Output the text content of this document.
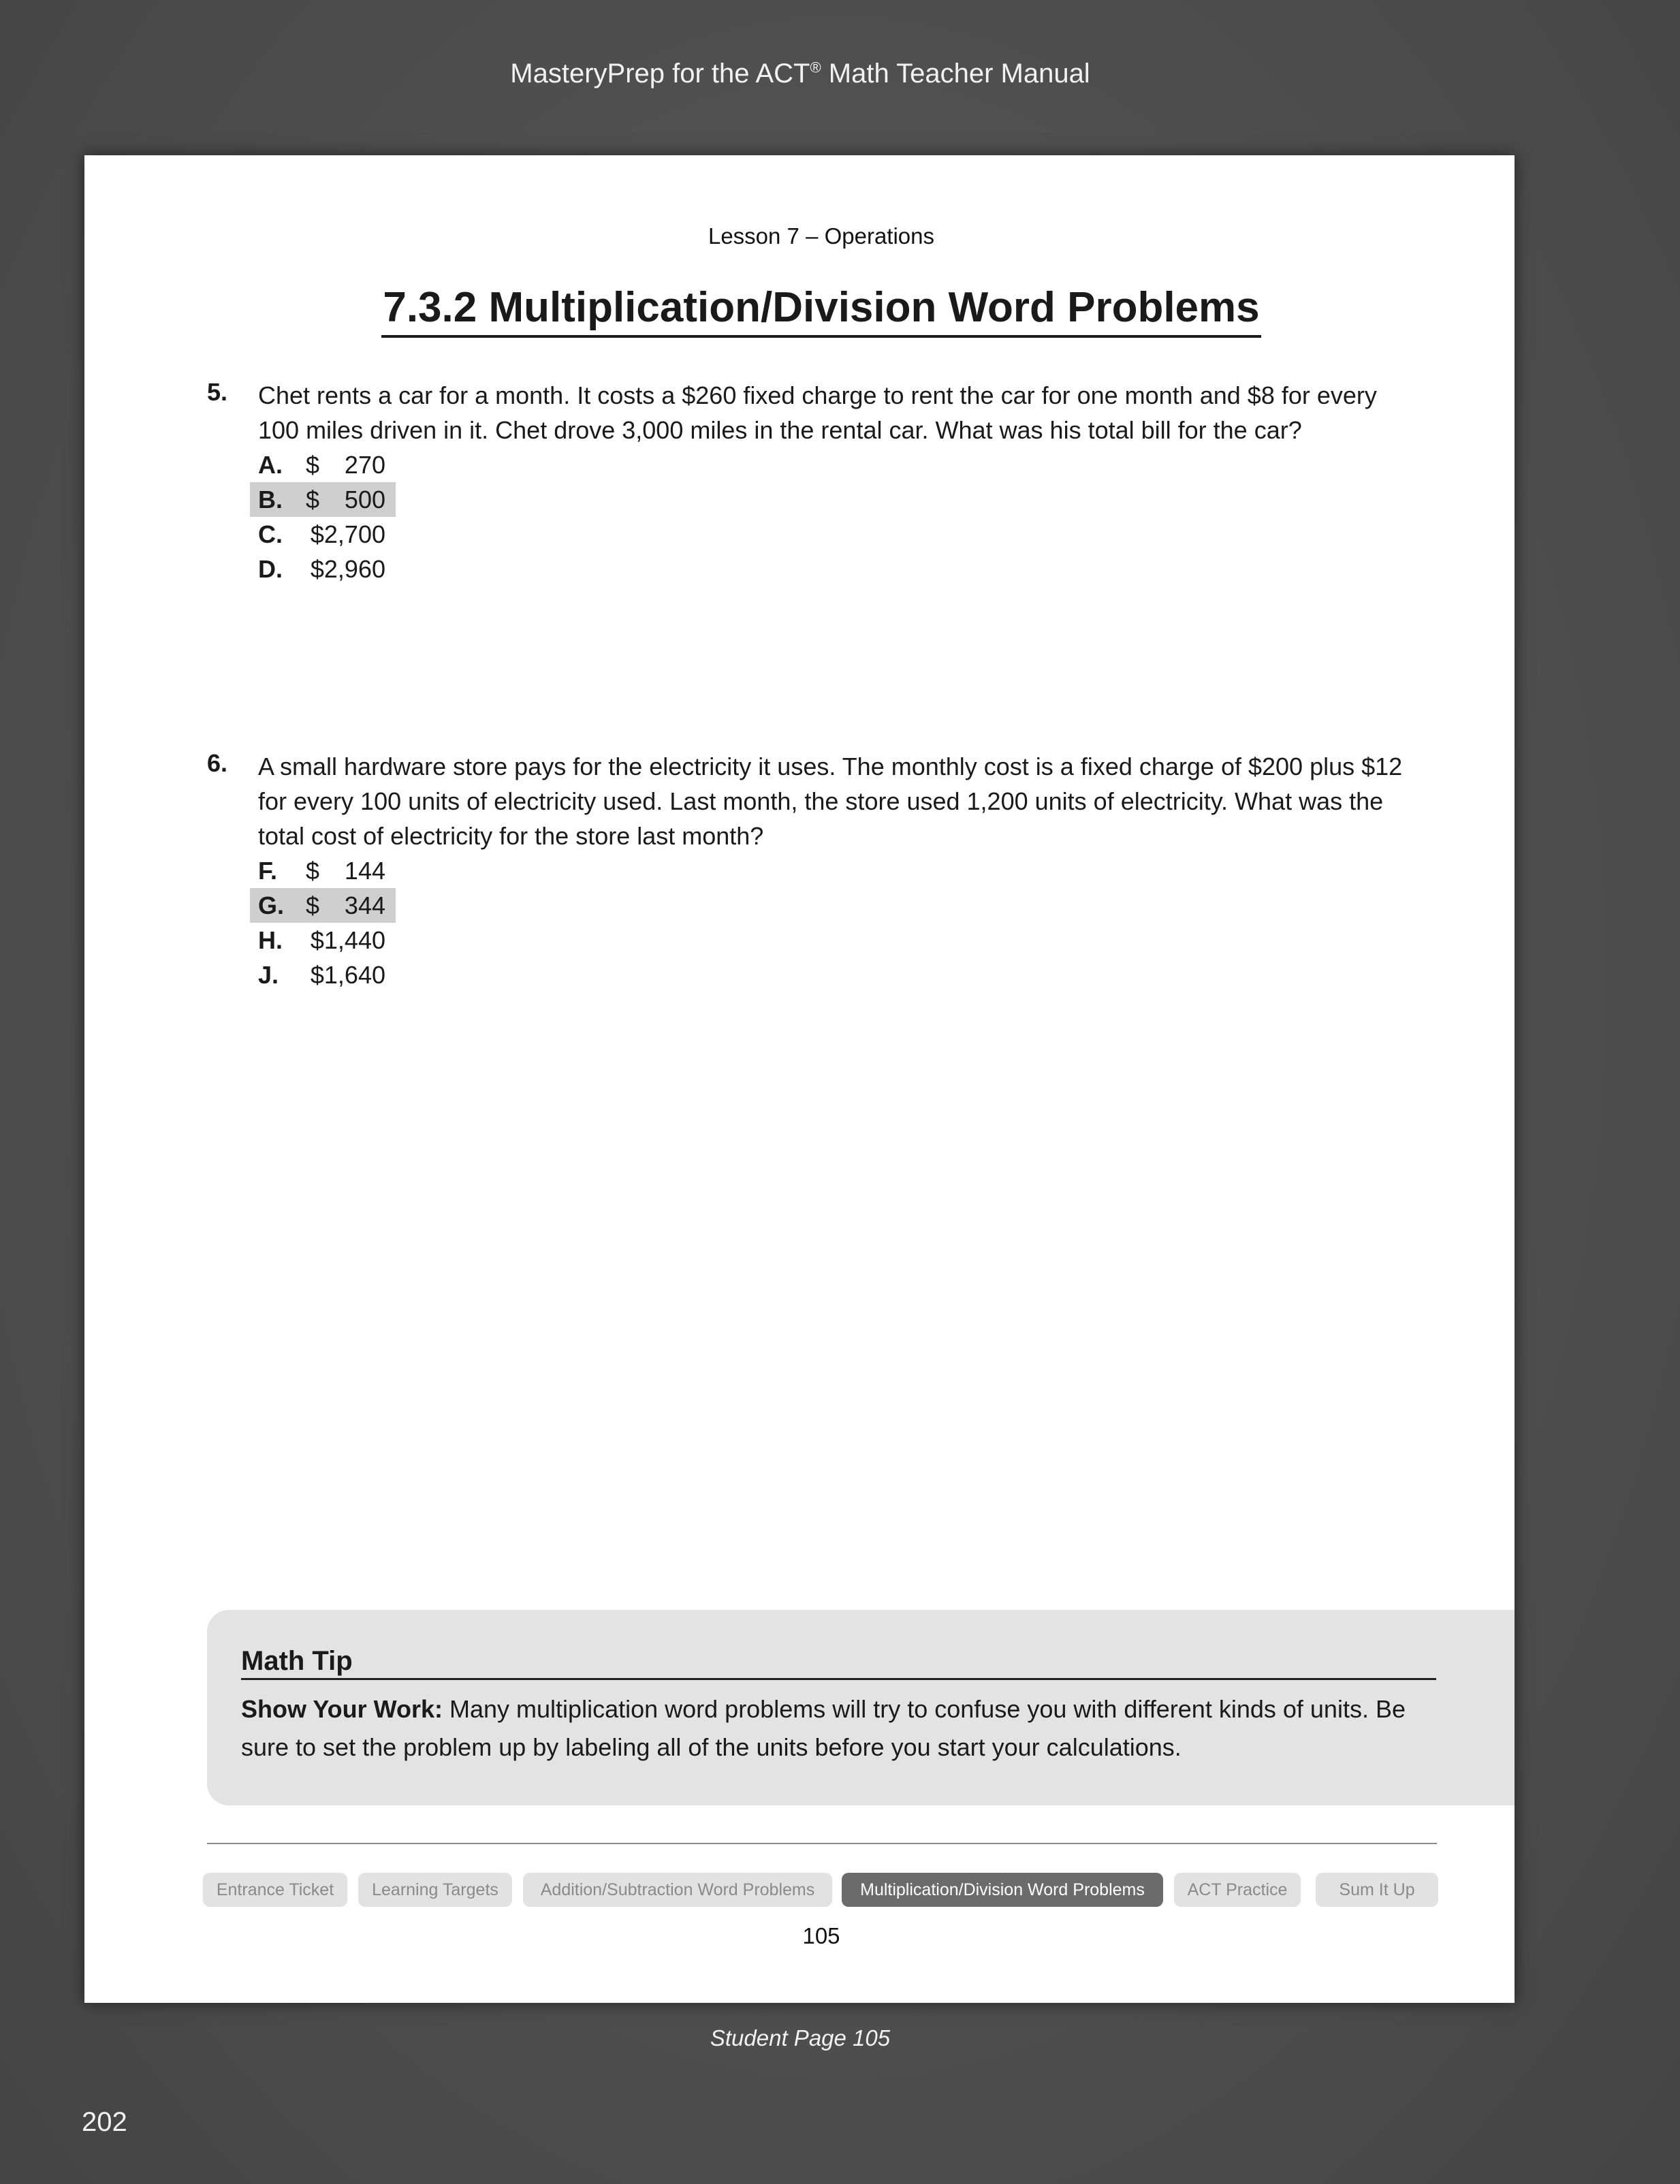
MasteryPrep for the ACT® Math Teacher Manual
Lesson 7 – Operations
7.3.2 Multiplication/Division Word Problems
5. Chet rents a car for a month. It costs a $260 fixed charge to rent the car for one month and $8 for every 100 miles driven in it. Chet drove 3,000 miles in the rental car. What was his total bill for the car?
A. $	270
B. $	500
C. $2,700
D. $2,960
6. A small hardware store pays for the electricity it uses. The monthly cost is a fixed charge of $200 plus $12 for every 100 units of electricity used. Last month, the store used 1,200 units of electricity. What was the total cost of electricity for the store last month?
F. $	144
G. $	344
H. $1,440
J. $1,640
Math Tip
Show Your Work: Many multiplication word problems will try to confuse you with different kinds of units. Be sure to set the problem up by labeling all of the units before you start your calculations.
Entrance Ticket	Learning Targets	Addition/Subtraction Word Problems	Multiplication/Division Word Problems	ACT Practice	Sum It Up
105
Student Page 105
202
